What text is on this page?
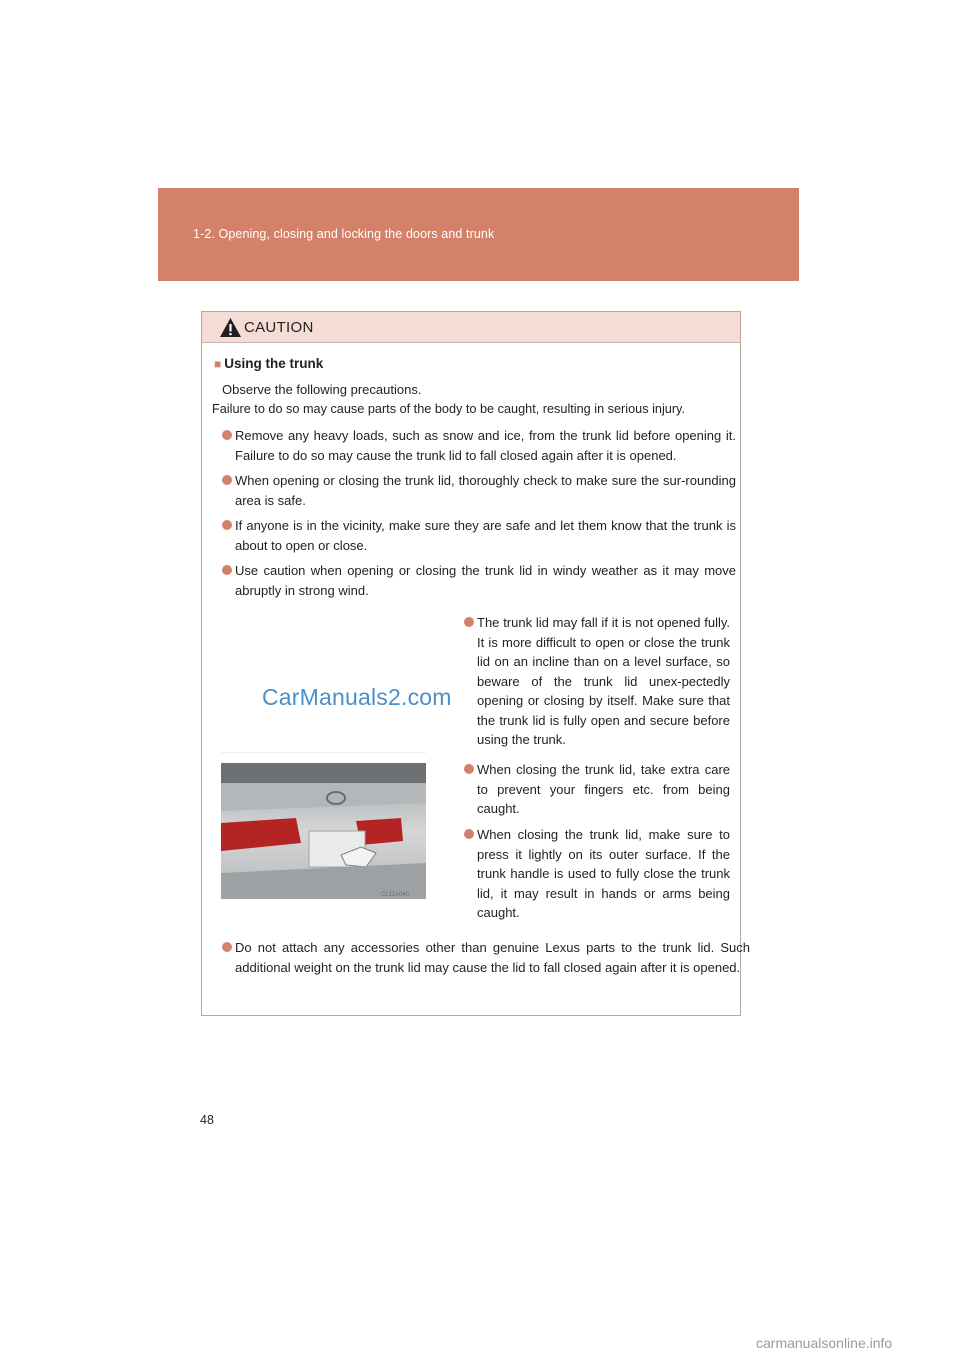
1-2. Opening, closing and locking the doors and trunk
CAUTION
■ Using the trunk
Observe the following precautions.
Failure to do so may cause parts of the body to be caught, resulting in serious injury.
Remove any heavy loads, such as snow and ice, from the trunk lid before opening it. Failure to do so may cause the trunk lid to fall closed again after it is opened.
When opening or closing the trunk lid, thoroughly check to make sure the sur-rounding area is safe.
If anyone is in the vicinity, make sure they are safe and let them know that the trunk is about to open or close.
Use caution when opening or closing the trunk lid in windy weather as it may move abruptly in strong wind.
The trunk lid may fall if it is not opened fully. It is more difficult to open or close the trunk lid on an incline than on a level surface, so beware of the trunk lid unex-pectedly opening or closing by itself. Make sure that the trunk lid is fully open and secure before using the trunk.
When closing the trunk lid, take extra care to prevent your fingers etc. from being caught.
When closing the trunk lid, make sure to press it lightly on its outer surface. If the trunk handle is used to fully close the trunk lid, it may result in hands or arms being caught.
CarManuals2.com
CL11A040
Do not attach any accessories other than genuine Lexus parts to the trunk lid. Such additional weight on the trunk lid may cause the lid to fall closed again after it is opened.
48
carmanualsonline.info
